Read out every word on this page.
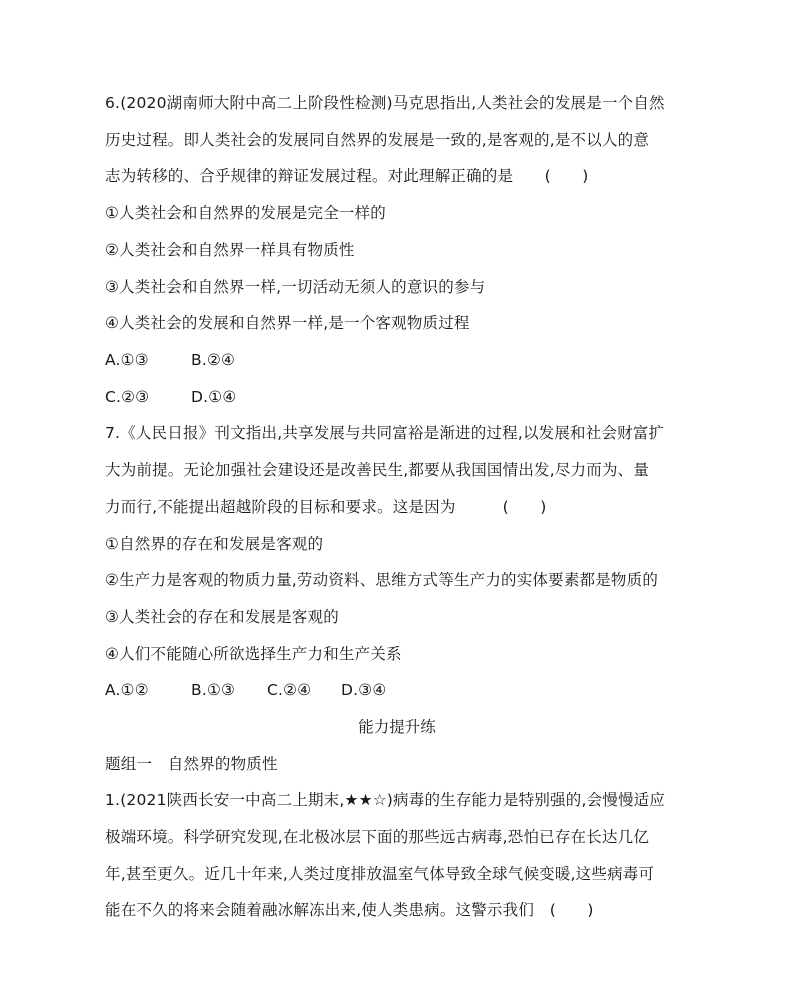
6.(2020湖南师大附中高二上阶段性检测)马克思指出,人类社会的发展是一个自然
历史过程。即人类社会的发展同自然界的发展是一致的,是客观的,是不以人的意
志为转移的、合乎规律的辩证发展过程。对此理解正确的是　　(　　)
①人类社会和自然界的发展是完全一样的
②人类社会和自然界一样具有物质性
③人类社会和自然界一样,一切活动无须人的意识的参与
④人类社会的发展和自然界一样,是一个客观物质过程
A.①③	B.②④
C.②③	D.①④
7.《人民日报》刊文指出,共享发展与共同富裕是渐进的过程,以发展和社会财富扩
大为前提。无论加强社会建设还是改善民生,都要从我国国情出发,尽力而为、量
力而行,不能提出超越阶段的目标和要求。这是因为　　　(　　)
①自然界的存在和发展是客观的
②生产力是客观的物质力量,劳动资料、思维方式等生产力的实体要素都是物质的
③人类社会的存在和发展是客观的
④人们不能随心所欲选择生产力和生产关系
A.①②	B.①③ C.②④ D.③④
能力提升练
题组一　自然界的物质性
1.(2021陕西长安一中高二上期末,★★☆)病毒的生存能力是特别强的,会慢慢适应
极端环境。科学研究发现,在北极冰层下面的那些远古病毒,恐怕已存在长达几亿
年,甚至更久。近几十年来,人类过度排放温室气体导致全球气候变暖,这些病毒可
能在不久的将来会随着融冰解冻出来,使人类患病。这警示我们　(　　)
